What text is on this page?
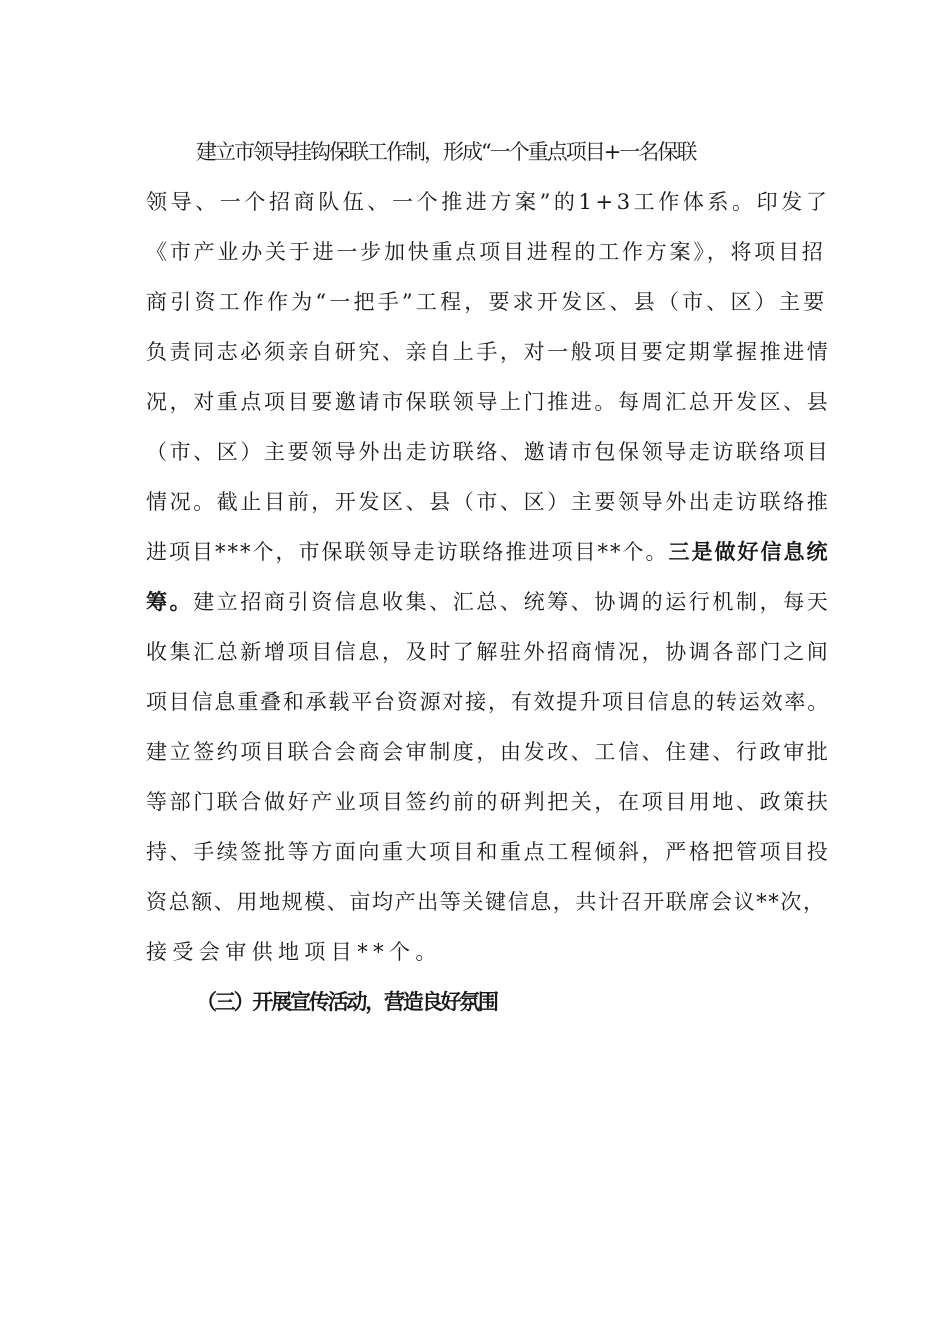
建立市领导挂钩保联工作制，形成“一个重点项目+一名保联
领导、一个招商队伍、一个推进方案”的1+3工作体系。印发了
《市产业办关于进一步加快重点项目进程的工作方案》，将项目招
商引资工作作为“一把手”工程，要求开发区、县（市、区）主要
负责同志必须亲自研究、亲自上手，对一般项目要定期掌握推进情
况，对重点项目要邀请市保联领导上门推进。每周汇总开发区、县
（市、区）主要领导外出走访联络、邀请市包保领导走访联络项目
情况。截止目前，开发区、县（市、区）主要领导外出走访联络推
进项目***个，市保联领导走访联络推进项目**个。三是做好信息统
筹。建立招商引资信息收集、汇总、统筹、协调的运行机制，每天
收集汇总新增项目信息，及时了解驻外招商情况，协调各部门之间
项目信息重叠和承载平台资源对接，有效提升项目信息的转运效率。
建立签约项目联合会商会审制度，由发改、工信、住建、行政审批
等部门联合做好产业项目签约前的研判把关，在项目用地、政策扶
持、手续签批等方面向重大项目和重点工程倾斜，严格把管项目投
资总额、用地规模、亩均产出等关键信息，共计召开联席会议**次，
接受会审供地项目**个。
（三）开展宣传活动，营造良好氛围
